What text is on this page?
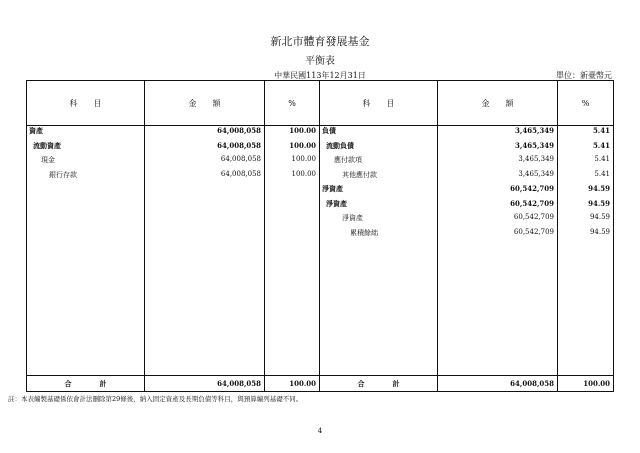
新北市體育發展基金
平衡表
中華民國113年12月31日	單位：新臺幣元
科　　目	金　　額	%	科　　目	金　　額	%
資產	64,008,058	100.00	負債	3,465,349	5.41
流動資產	64,008,058	100.00	流動負債	3,465,349	5.41
現金	64,008,058	100.00	應付款項	3,465,349	5.41
銀行存款	64,008,058	100.00	其他應付款	3,465,349	5.41
			淨資產	60,542,709	94.59
			淨資產	60,542,709	94.59
			淨資產	60,542,709	94.59
			累積餘絀	60,542,709	94.59

合　　　　計	64,008,058	100.00	合　　　　計	64,008,058	100.00
註：本表編製基礎係依會計法刪除第29條後，納入固定資產及長期負債等科目，與預算編列基礎不同。
4
